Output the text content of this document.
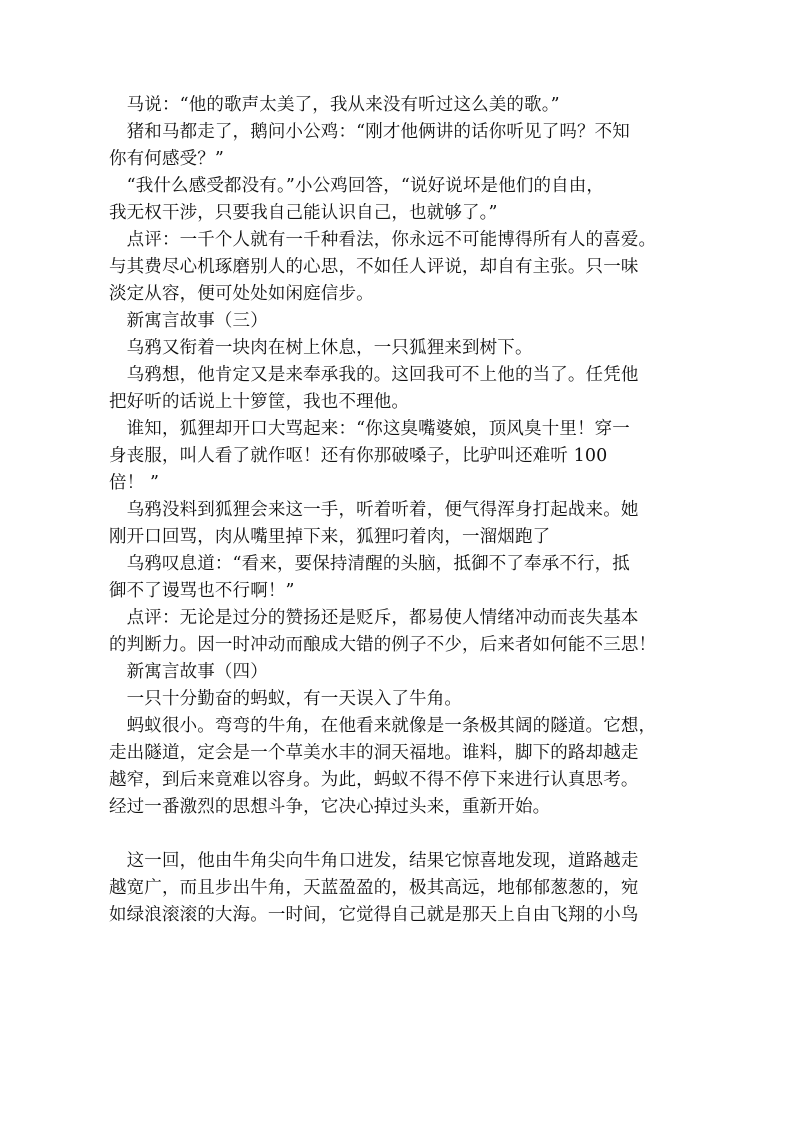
　马说：“他的歌声太美了，我从来没有听过这么美的歌。”
　猪和马都走了，鹅问小公鸡：“刚才他俩讲的话你听见了吗？不知
你有何感受？”
　“我什么感受都没有。”小公鸡回答，“说好说坏是他们的自由，
我无权干涉，只要我自己能认识自己，也就够了。”
　点评：一千个人就有一千种看法，你永远不可能博得所有人的喜爱。
与其费尽心机琢磨别人的心思，不如任人评说，却自有主张。只一味
淡定从容，便可处处如闲庭信步。
　新寓言故事（三）
　乌鸦又衔着一块肉在树上休息，一只狐狸来到树下。
　乌鸦想，他肯定又是来奉承我的。这回我可不上他的当了。任凭他
把好听的话说上十箩筐，我也不理他。
　谁知，狐狸却开口大骂起来：“你这臭嘴婆娘，顶风臭十里！穿一
身丧服，叫人看了就作呕！还有你那破嗓子，比驴叫还难听 100
倍！ ”
　乌鸦没料到狐狸会来这一手，听着听着，便气得浑身打起战来。她
刚开口回骂，肉从嘴里掉下来，狐狸叼着肉，一溜烟跑了
　乌鸦叹息道：“看来，要保持清醒的头脑，抵御不了奉承不行，抵
御不了谩骂也不行啊！”
　点评：无论是过分的赞扬还是贬斥，都易使人情绪冲动而丧失基本
的判断力。因一时冲动而酿成大错的例子不少，后来者如何能不三思！
　新寓言故事（四）
　一只十分勤奋的蚂蚁，有一天误入了牛角。
　蚂蚁很小。弯弯的牛角，在他看来就像是一条极其阔的隧道。它想，
走出隧道，定会是一个草美水丰的洞天福地。谁料，脚下的路却越走
越窄，到后来竟难以容身。为此，蚂蚁不得不停下来进行认真思考。
经过一番激烈的思想斗争，它决心掉过头来，重新开始。
　这一回，他由牛角尖向牛角口进发，结果它惊喜地发现，道路越走
越宽广，而且步出牛角，天蓝盈盈的，极其高远，地郁郁葱葱的，宛
如绿浪滚滚的大海。一时间，它觉得自己就是那天上自由飞翔的小鸟
